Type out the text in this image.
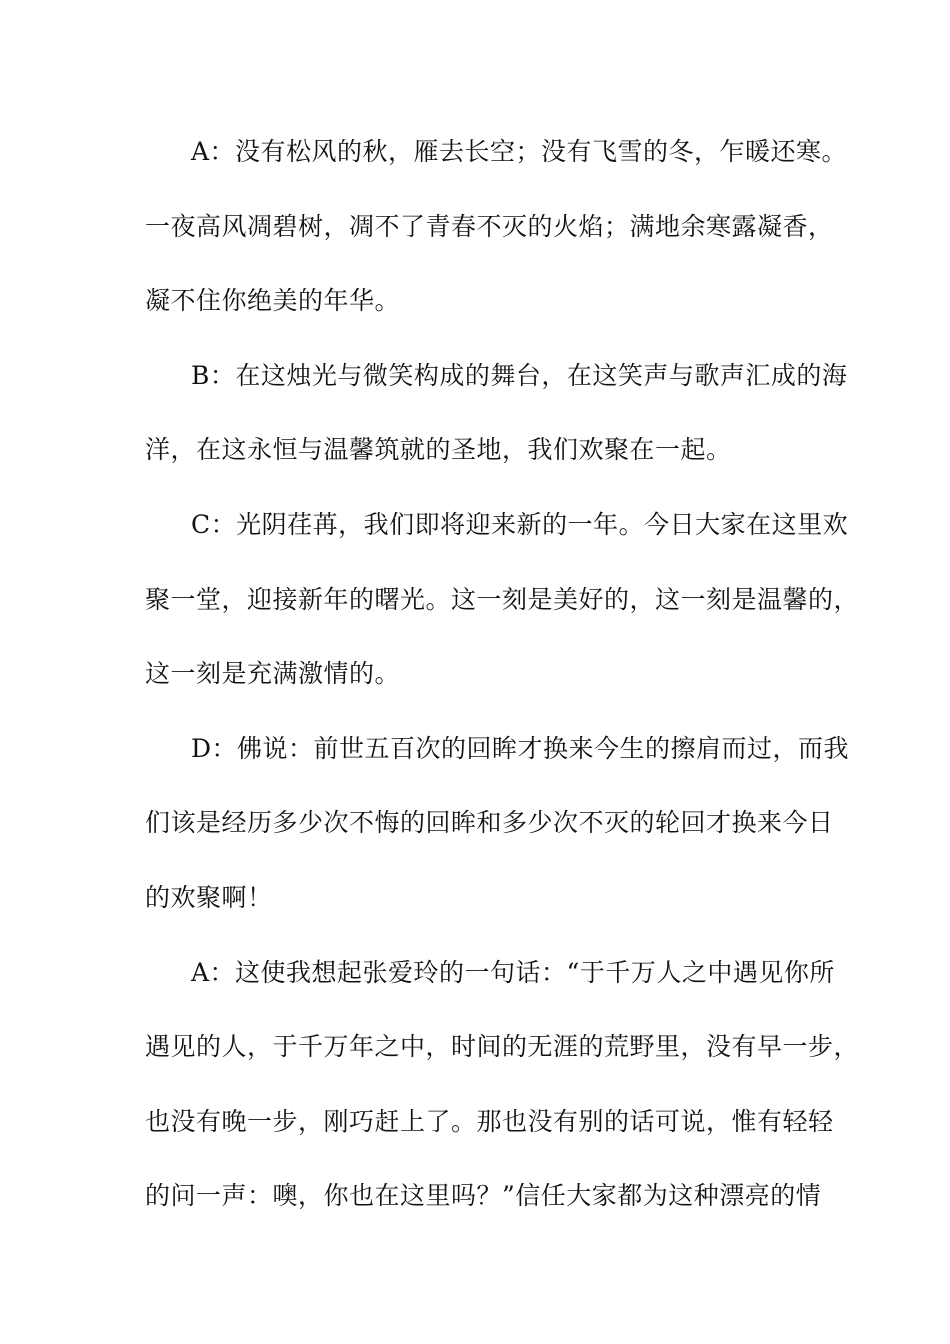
A：没有松风的秋，雁去长空；没有飞雪的冬，乍暖还寒。
一夜高风凋碧树，凋不了青春不灭的火焰；满地余寒露凝香，
凝不住你绝美的年华。
B：在这烛光与微笑构成的舞台，在这笑声与歌声汇成的海
洋，在这永恒与温馨筑就的圣地，我们欢聚在一起。
C：光阴荏苒，我们即将迎来新的一年。今日大家在这里欢
聚一堂，迎接新年的曙光。这一刻是美好的，这一刻是温馨的，
这一刻是充满激情的。
D：佛说：前世五百次的回眸才换来今生的擦肩而过，而我
们该是经历多少次不悔的回眸和多少次不灭的轮回才换来今日
的欢聚啊！
A：这使我想起张爱玲的一句话：“于千万人之中遇见你所
遇见的人，于千万年之中，时间的无涯的荒野里，没有早一步，
也没有晚一步，刚巧赶上了。那也没有别的话可说，惟有轻轻
的问一声：噢，你也在这里吗？”信任大家都为这种漂亮的情
